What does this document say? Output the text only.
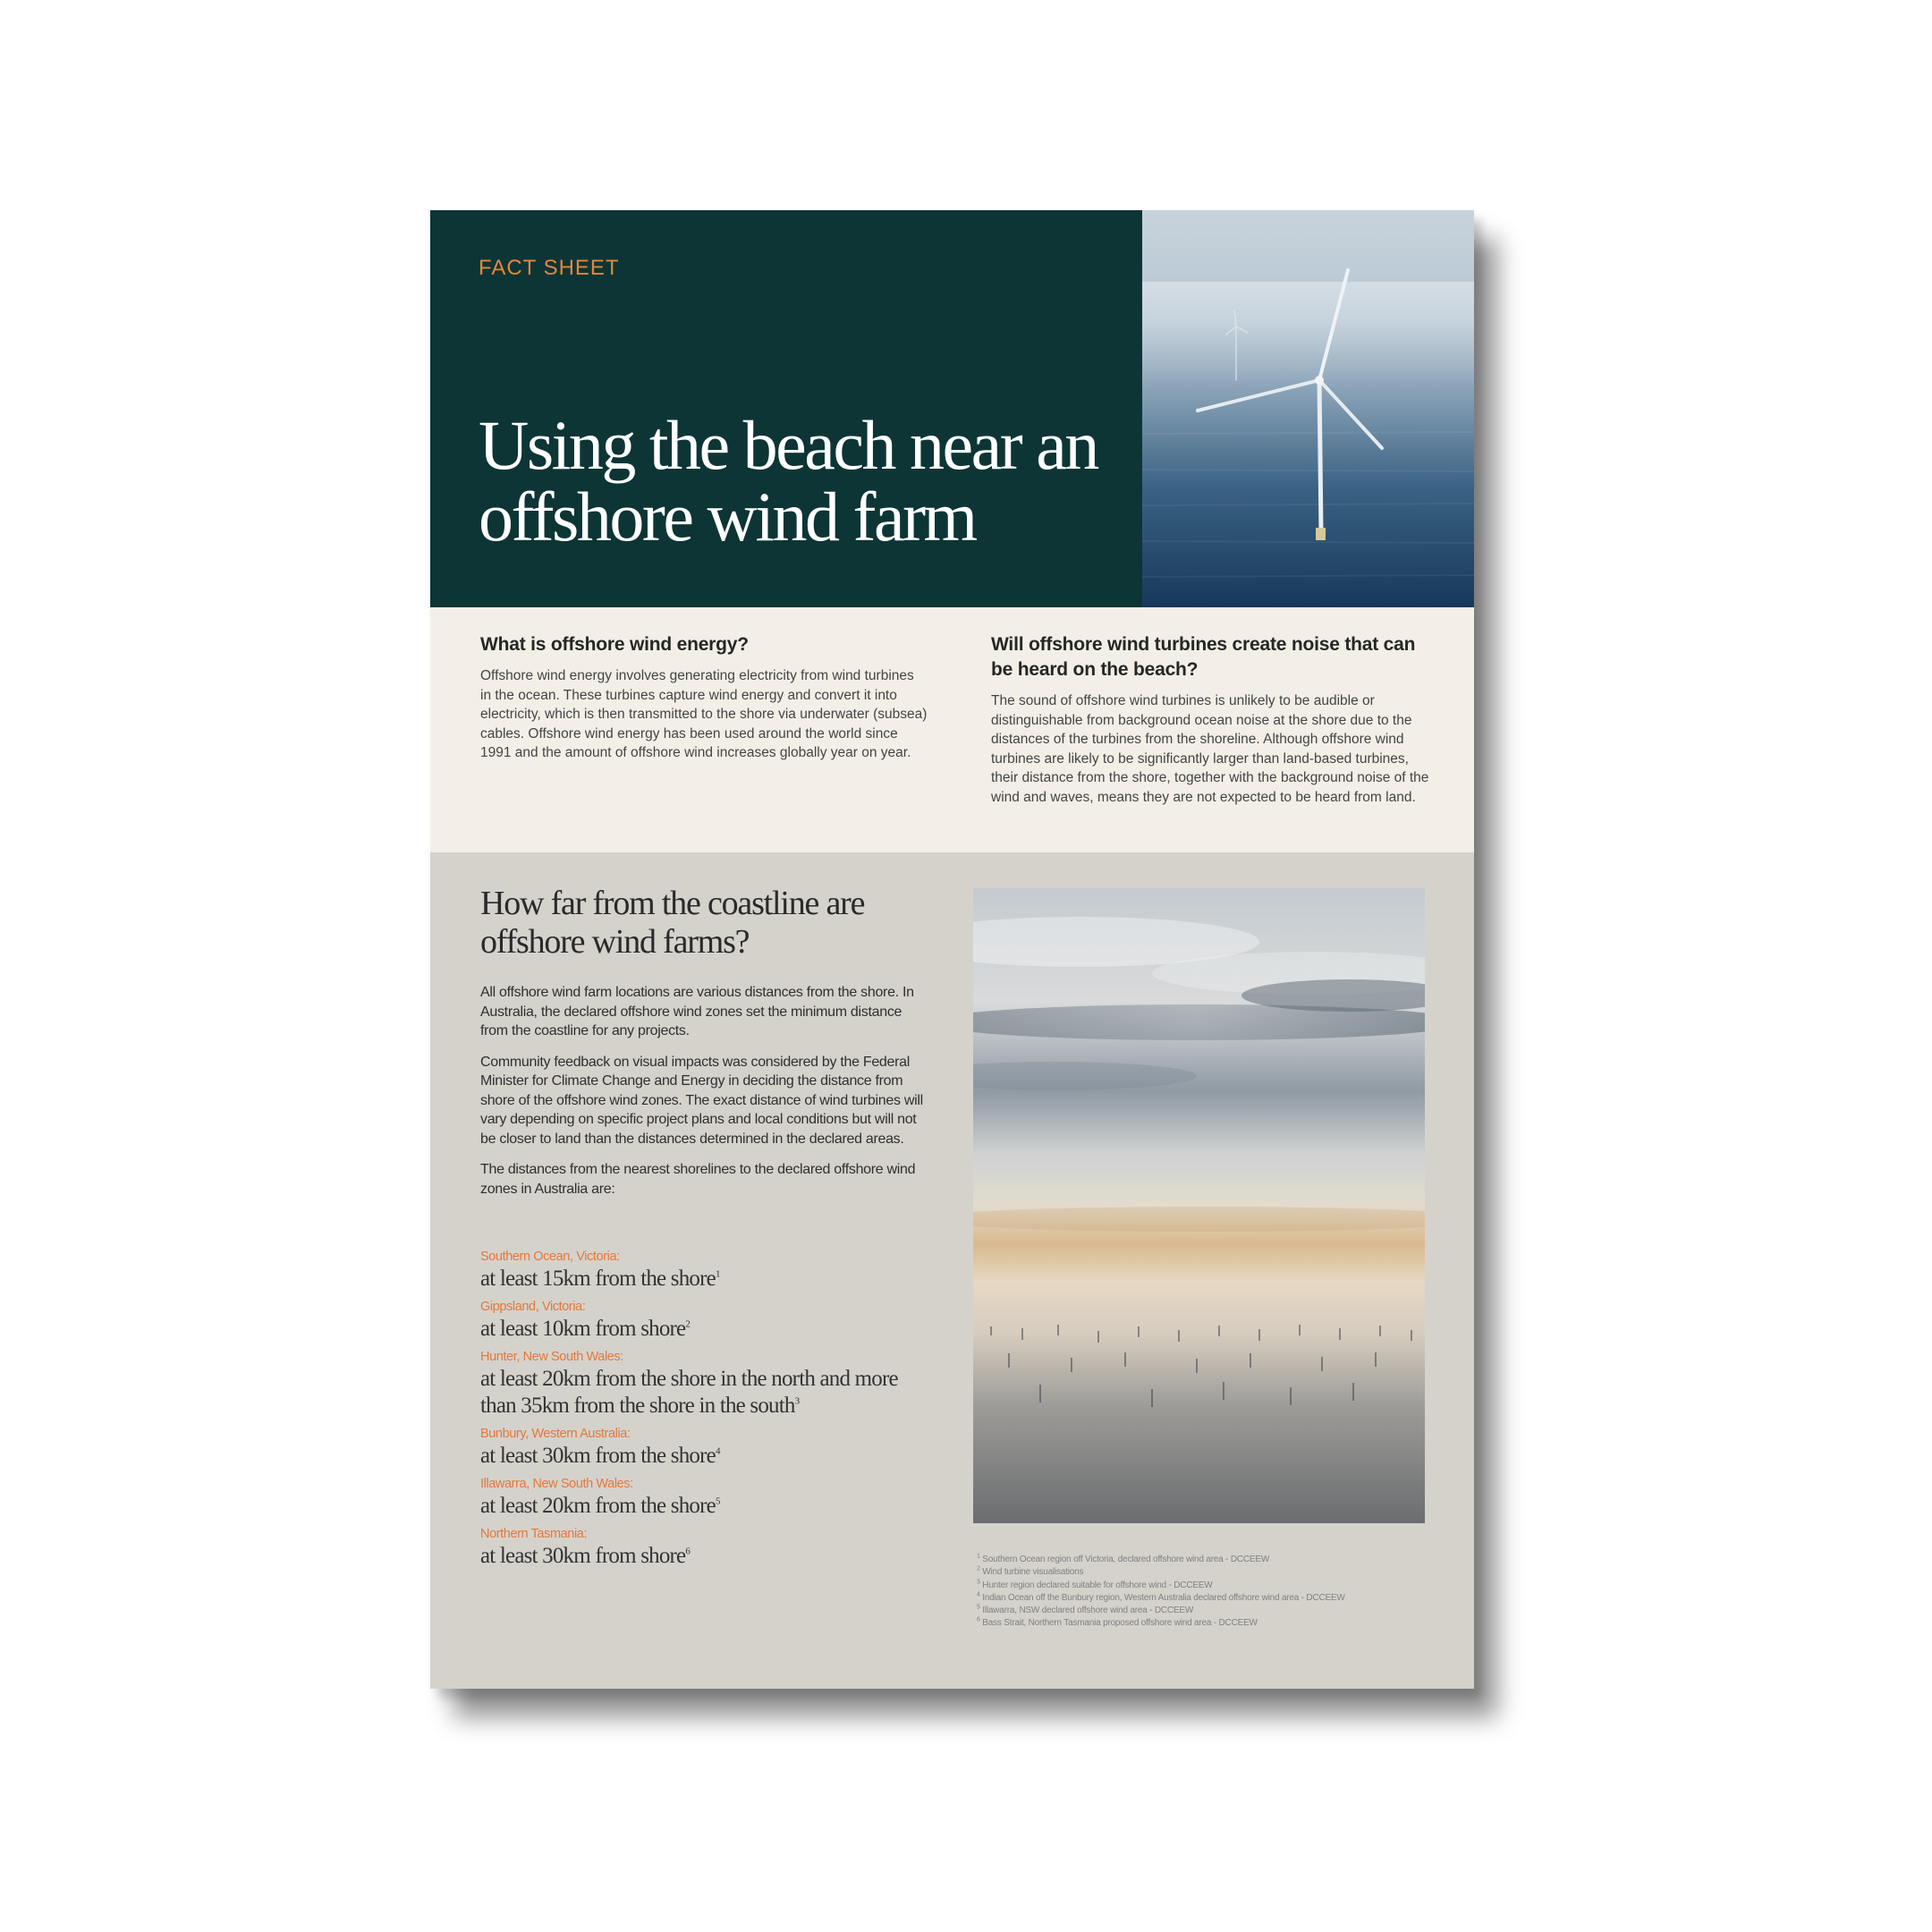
FACT SHEET
Using the beach near an offshore wind farm
What is offshore wind energy?

Offshore wind energy involves generating electricity from wind turbines in the ocean. These turbines capture wind energy and convert it into electricity, which is then transmitted to the shore via underwater (subsea) cables. Offshore wind energy has been used around the world since 1991 and the amount of offshore wind increases globally year on year.

Will offshore wind turbines create noise that can be heard on the beach?

The sound of offshore wind turbines is unlikely to be audible or distinguishable from background ocean noise at the shore due to the distances of the turbines from the shoreline. Although offshore wind turbines are likely to be significantly larger than land-based turbines, their distance from the shore, together with the background noise of the wind and waves, means they are not expected to be heard from land.

How far from the coastline are offshore wind farms?

All offshore wind farm locations are various distances from the shore. In Australia, the declared offshore wind zones set the minimum distance from the coastline for any projects.

Community feedback on visual impacts was considered by the Federal Minister for Climate Change and Energy in deciding the distance from shore of the offshore wind zones. The exact distance of wind turbines will vary depending on specific project plans and local conditions but will not be closer to land than the distances determined in the declared areas.

The distances from the nearest shorelines to the declared offshore wind zones in Australia are:

Southern Ocean, Victoria:
at least 15km from the shore$^1$
Gippsland, Victoria:
at least 10km from shore$^2$
Hunter, New South Wales:
at least 20km from the shore in the north and more than 35km from the shore in the south$^3$
Bunbury, Western Australia:
at least 30km from the shore$^4$
Illawarra, New South Wales:
at least 20km from the shore$^5$
Northern Tasmania:
at least 30km from shore$^6$	$^1$ Southern Ocean region off Victoria, declared offshore wind area - DCCEEW
$^2$ Wind turbine visualisations
$^3$ Hunter region declared suitable for offshore wind - DCCEEW
$^4$ Indian Ocean off the Bunbury region, Western Australia declared offshore wind area - DCCEEW
$^5$ Illawarra, NSW declared offshore wind area - DCCEEW
$^6$ Bass Strait, Northern Tasmania proposed offshore wind area - DCCEEW
